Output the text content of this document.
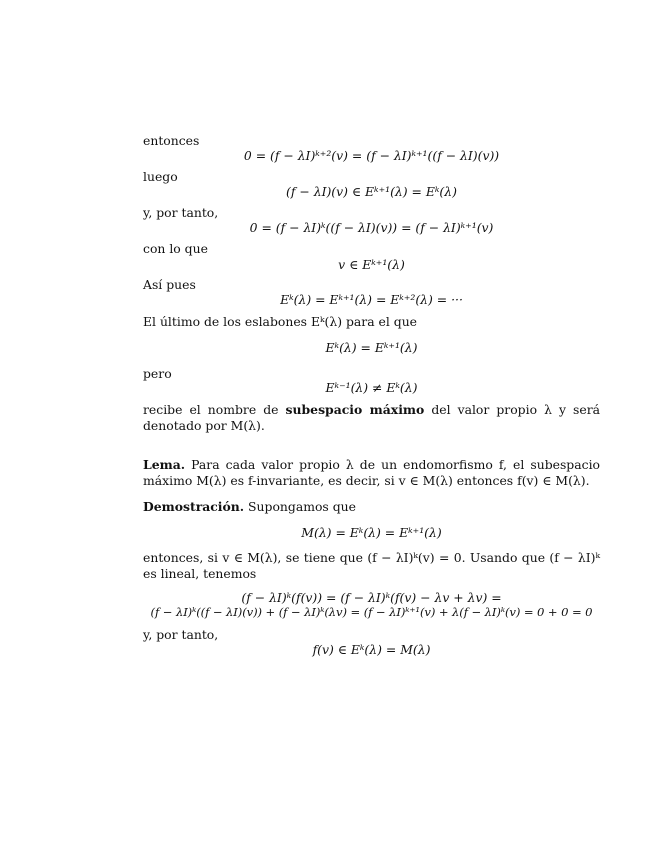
entonces
0 = (f − λI)ᵏ⁺²(v) = (f − λI)ᵏ⁺¹((f − λI)(v))
luego
(f − λI)(v) ∈ Eᵏ⁺¹(λ) = Eᵏ(λ)
y, por tanto,
0 = (f − λI)ᵏ((f − λI)(v)) = (f − λI)ᵏ⁺¹(v)
con lo que
v ∈ Eᵏ⁺¹(λ)
Así pues
Eᵏ(λ) = Eᵏ⁺¹(λ) = Eᵏ⁺²(λ) = ···
El último de los eslabones Eᵏ(λ) para el que
Eᵏ(λ) = Eᵏ⁺¹(λ)
pero
Eᵏ⁻¹(λ) ≠ Eᵏ(λ)
recibe el nombre de subespacio máximo del valor propio λ y será denotado por M(λ).
Lema. Para cada valor propio λ de un endomorfismo f, el subespacio máximo M(λ) es f-invariante, es decir, si v ∈ M(λ) entonces f(v) ∈ M(λ).
Demostración. Supongamos que
M(λ) = Eᵏ(λ) = Eᵏ⁺¹(λ)
entonces, si v ∈ M(λ), se tiene que (f − λI)ᵏ(v) = 0. Usando que (f − λI)ᵏ es lineal, tenemos
(f − λI)ᵏ(f(v)) = (f − λI)ᵏ(f(v) − λv + λv) =
(f − λI)ᵏ((f − λI)(v)) + (f − λI)ᵏ(λv) = (f − λI)ᵏ⁺¹(v) + λ(f − λI)ᵏ(v) = 0 + 0 = 0
y, por tanto,
f(v) ∈ Eᵏ(λ) = M(λ)
